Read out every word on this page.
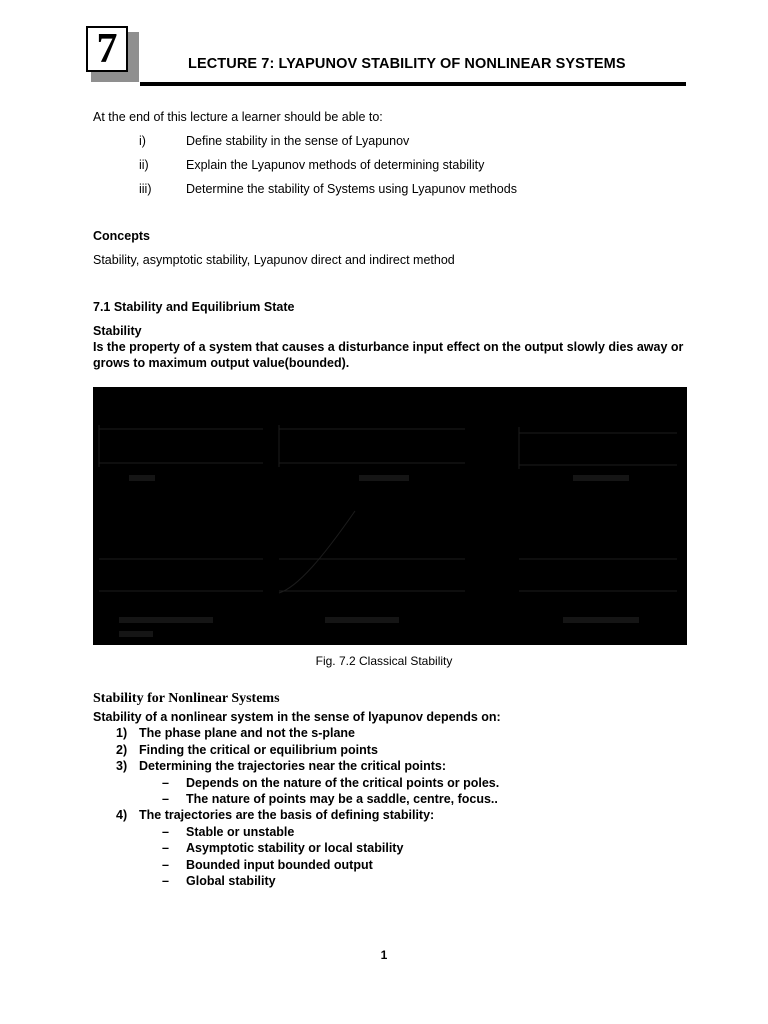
7	LECTURE 7: LYAPUNOV STABILITY OF NONLINEAR SYSTEMS
At the end of this lecture a learner should be able to:
i)	Define stability in the sense of Lyapunov
ii)	Explain the Lyapunov methods of determining stability
iii)	Determine the stability of Systems using Lyapunov methods
Concepts
Stability, asymptotic stability, Lyapunov direct and indirect method
7.1 Stability and Equilibrium State
Stability
Is the property of a system that causes a disturbance input effect on the output slowly dies away or
grows to maximum output value(bounded).
Fig. 7.2 Classical Stability
Stability for Nonlinear Systems
Stability of a nonlinear system in the sense of lyapunov depends on:
1) The phase plane and not the s-plane
2) Finding the critical or equilibrium points
3) Determining the trajectories near the critical points:
– Depends on the nature of the critical points or poles.
– The nature of points may be a saddle, centre, focus..
4) The trajectories are the basis of defining stability:
– Stable or unstable
– Asymptotic stability or local stability
– Bounded input bounded output
– Global stability
1
